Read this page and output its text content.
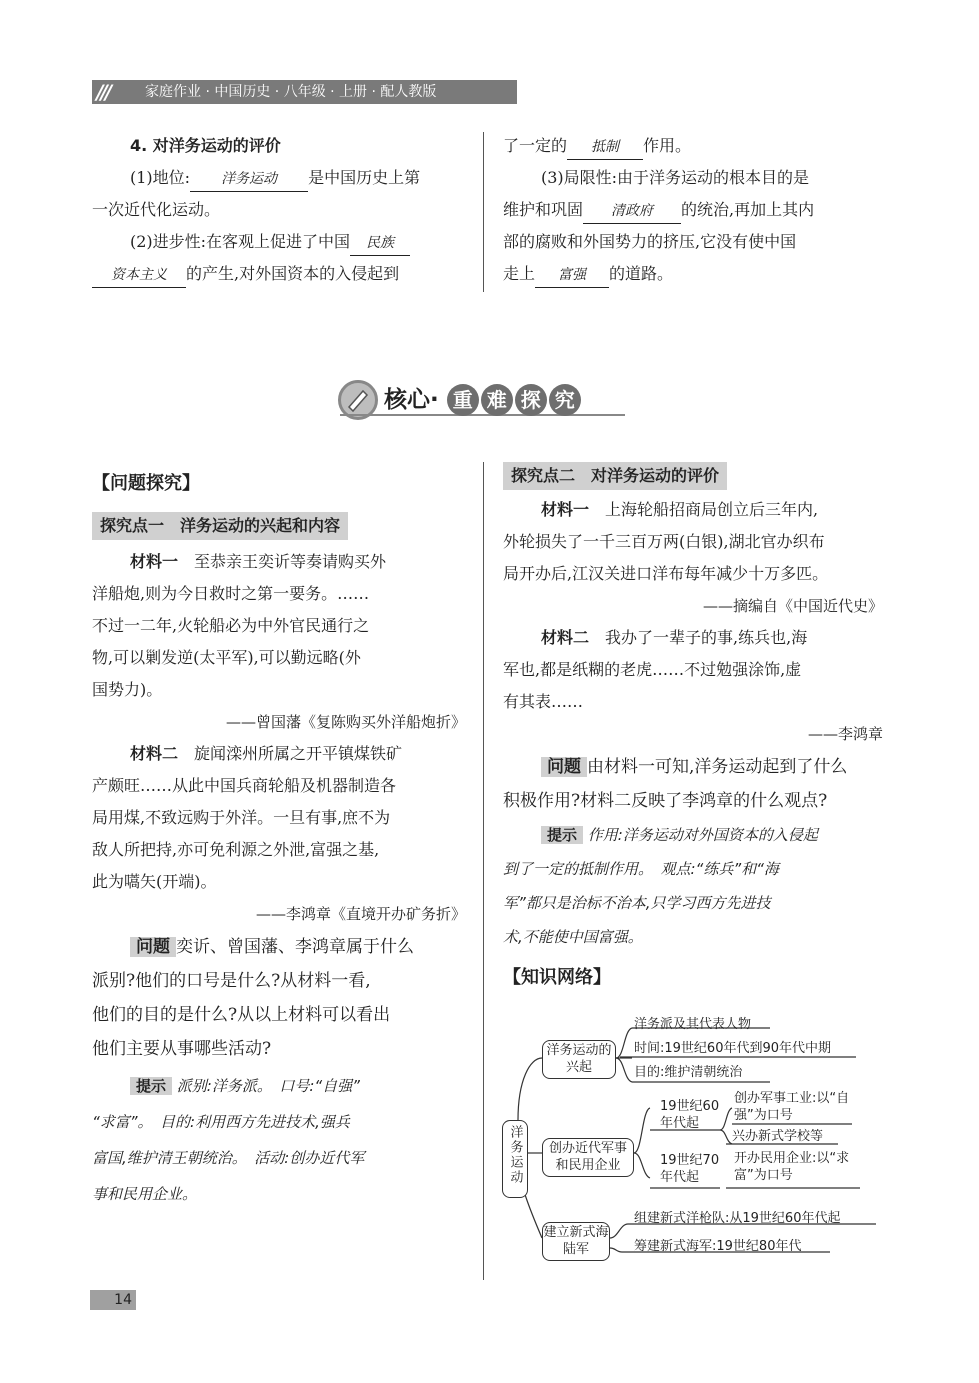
///	家庭作业 · 中国历史 · 八年级 · 上册 · 配人教版
4. 对洋务运动的评价
(1)地位: 洋务运动 是中国历史上第
一次近代化运动。
(2)进步性:在客观上促进了中国 民族
资本主义 的产生,对外国资本的入侵起到
了一定的 抵制 作用。
(3)局限性:由于洋务运动的根本目的是
维护和巩固 清政府 的统治,再加上其内
部的腐败和外国势力的挤压,它没有使中国
走上 富强 的道路。
核心· 重 难 探 究
【问题探究】
探究点一　洋务运动的兴起和内容
材料一　 至恭亲王奕䜣等奏请购买外
洋船炮,则为今日救时之第一要务。……
不过一二年,火轮船必为中外官民通行之
物,可以剿发逆(太平军),可以勤远略(外
国势力)。
——曾国藩《复陈购买外洋船炮折》
材料二　 旋闻滦州所属之开平镇煤铁矿
产颇旺……从此中国兵商轮船及机器制造各
局用煤,不致远购于外洋。一旦有事,庶不为
敌人所把持,亦可免利源之外泄,富强之基,
此为嚆矢(开端)。
——李鸿章《直境开办矿务折》
问题 奕䜣、曾国藩、李鸿章属于什么
派别?他们的口号是什么?从材料一看,
他们的目的是什么?从以上材料可以看出
他们主要从事哪些活动?
提示 派别:洋务派。　口号:“自强”
“求富”。　目的:利用西方先进技术,强兵
富国,维护清王朝统治。　活动:创办近代军
事和民用企业。
探究点二　对洋务运动的评价
材料一　 上海轮船招商局创立后三年内,
外轮损失了一千三百万两(白银),湖北官办织布
局开办后,江汉关进口洋布每年减少十万多匹。
——摘编自《中国近代史》
材料二　 我办了一辈子的事,练兵也,海
军也,都是纸糊的老虎……不过勉强涂饰,虚
有其表……
——李鸿章
问题 由材料一可知,洋务运动起到了什么
积极作用?材料二反映了李鸿章的什么观点?
提示 作用:洋务运动对外国资本的入侵起
到了一定的抵制作用。　观点:“练兵”和“海
军”都只是治标不治本,只学习西方先进技
术,不能使中国富强。
【知识网络】
洋务运动
洋务运动的兴起
洋务派及其代表人物
时间:19世纪60年代到90年代中期
目的:维护清朝统治
创办近代军事和民用企业
19世纪60年代起
创办军事工业:以“自强”为口号
兴办新式学校等
19世纪70年代起
开办民用企业:以“求富”为口号
建立新式海陆军
组建新式洋枪队:从19世纪60年代起
筹建新式海军:19世纪80年代
14
